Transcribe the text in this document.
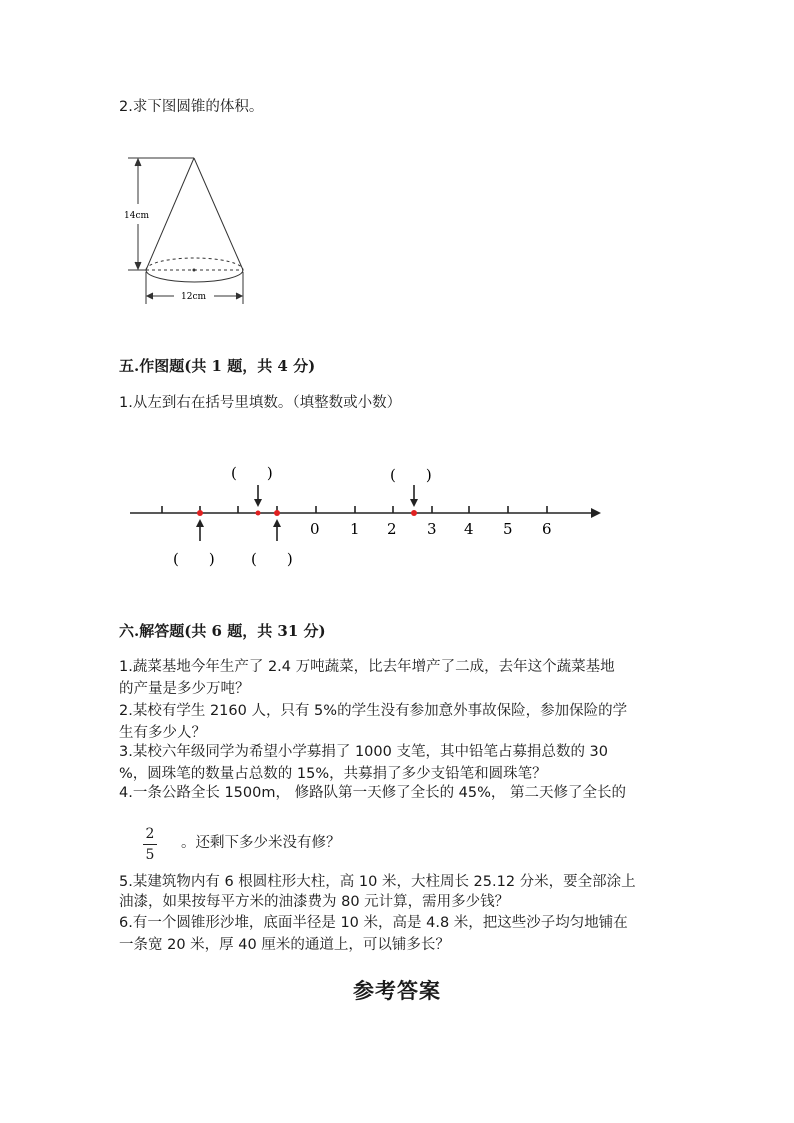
2.求下图圆锥的体积。
14cm
12cm
五.作图题(共 1 题，共 4 分)
1.从左到右在括号里填数。（填整数或小数）
0 1 2 3 4 5 6
(　　)	(　　)
(　　) (　　)
六.解答题(共 6 题，共 31 分)
1.蔬菜基地今年生产了 2.4 万吨蔬菜，比去年增产了二成，去年这个蔬菜基地
的产量是多少万吨？
2.某校有学生 2160 人，只有 5%的学生没有参加意外事故保险，参加保险的学
生有多少人？
3.某校六年级同学为希望小学募捐了 1000 支笔，其中铅笔占募捐总数的 30
%，圆珠笔的数量占总数的 15%，共募捐了多少支铅笔和圆珠笔？
4.一条公路全长 1500m， 修路队第一天修了全长的 45%， 第二天修了全长的
2
5
。还剩下多少米没有修？
5.某建筑物内有 6 根圆柱形大柱，高 10 米，大柱周长 25.12 分米，要全部涂上
油漆，如果按每平方米的油漆费为 80 元计算，需用多少钱？
6.有一个圆锥形沙堆，底面半径是 10 米，高是 4.8 米，把这些沙子均匀地铺在
一条宽 20 米，厚 40 厘米的通道上，可以铺多长？
参考答案
